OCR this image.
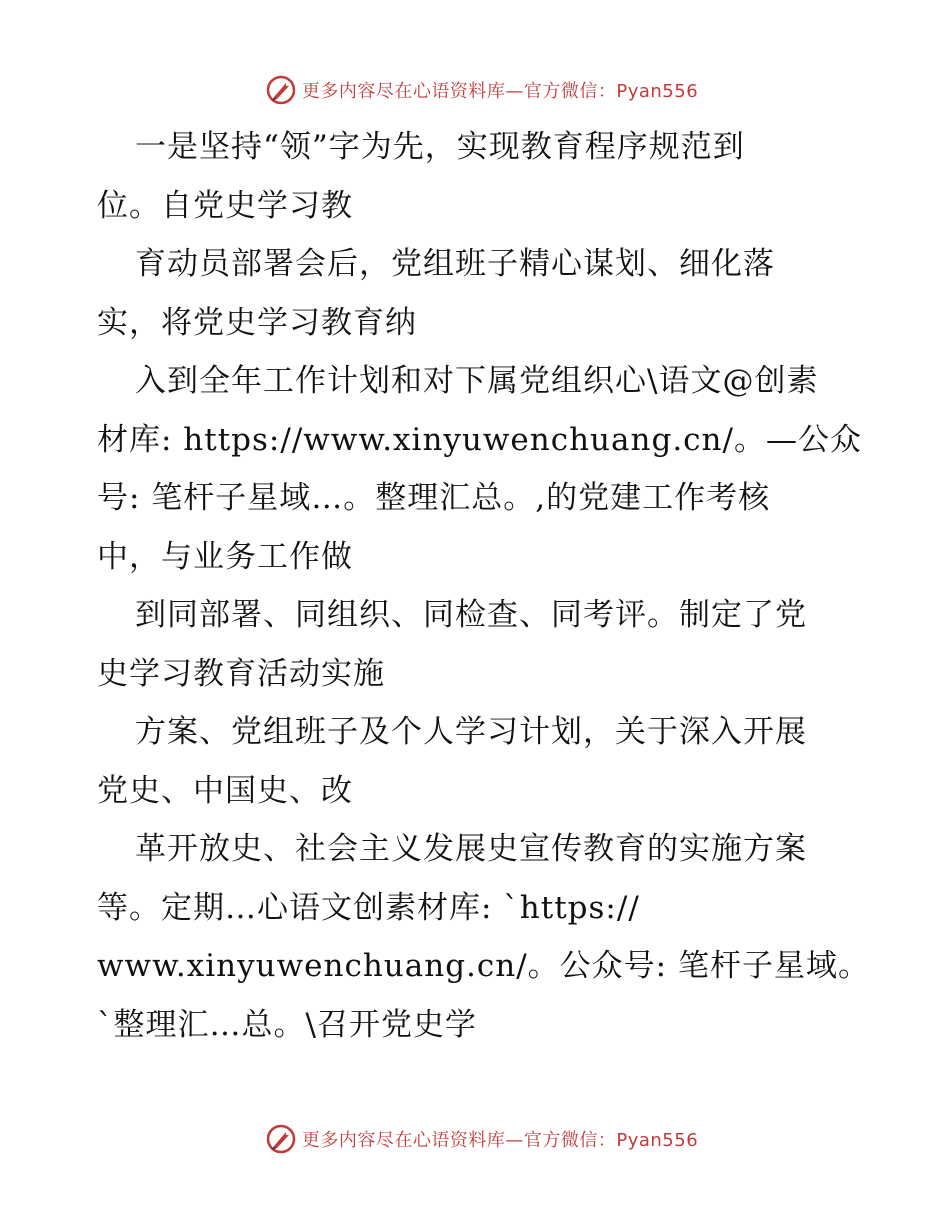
更多内容尽在心语资料库—官方微信：Pyan556
一是坚持“领”字为先，实现教育程序规范到
位。自党史学习教
育动员部署会后，党组班子精心谋划、细化落
实，将党史学习教育纳
入到全年工作计划和对下属党组织心\语文@创素
材库: https://www.xinyuwenchuang.cn/。—公众
号: 笔杆子星域…。整理汇总。,的党建工作考核
中，与业务工作做
到同部署、同组织、同检查、同考评。制定了党
史学习教育活动实施
方案、党组班子及个人学习计划，关于深入开展
党史、中国史、改
革开放史、社会主义发展史宣传教育的实施方案
等。定期…心语文创素材库: `https://
www.xinyuwenchuang.cn/。公众号: 笔杆子星域。
`整理汇…总。\召开党史学
更多内容尽在心语资料库—官方微信：Pyan556
